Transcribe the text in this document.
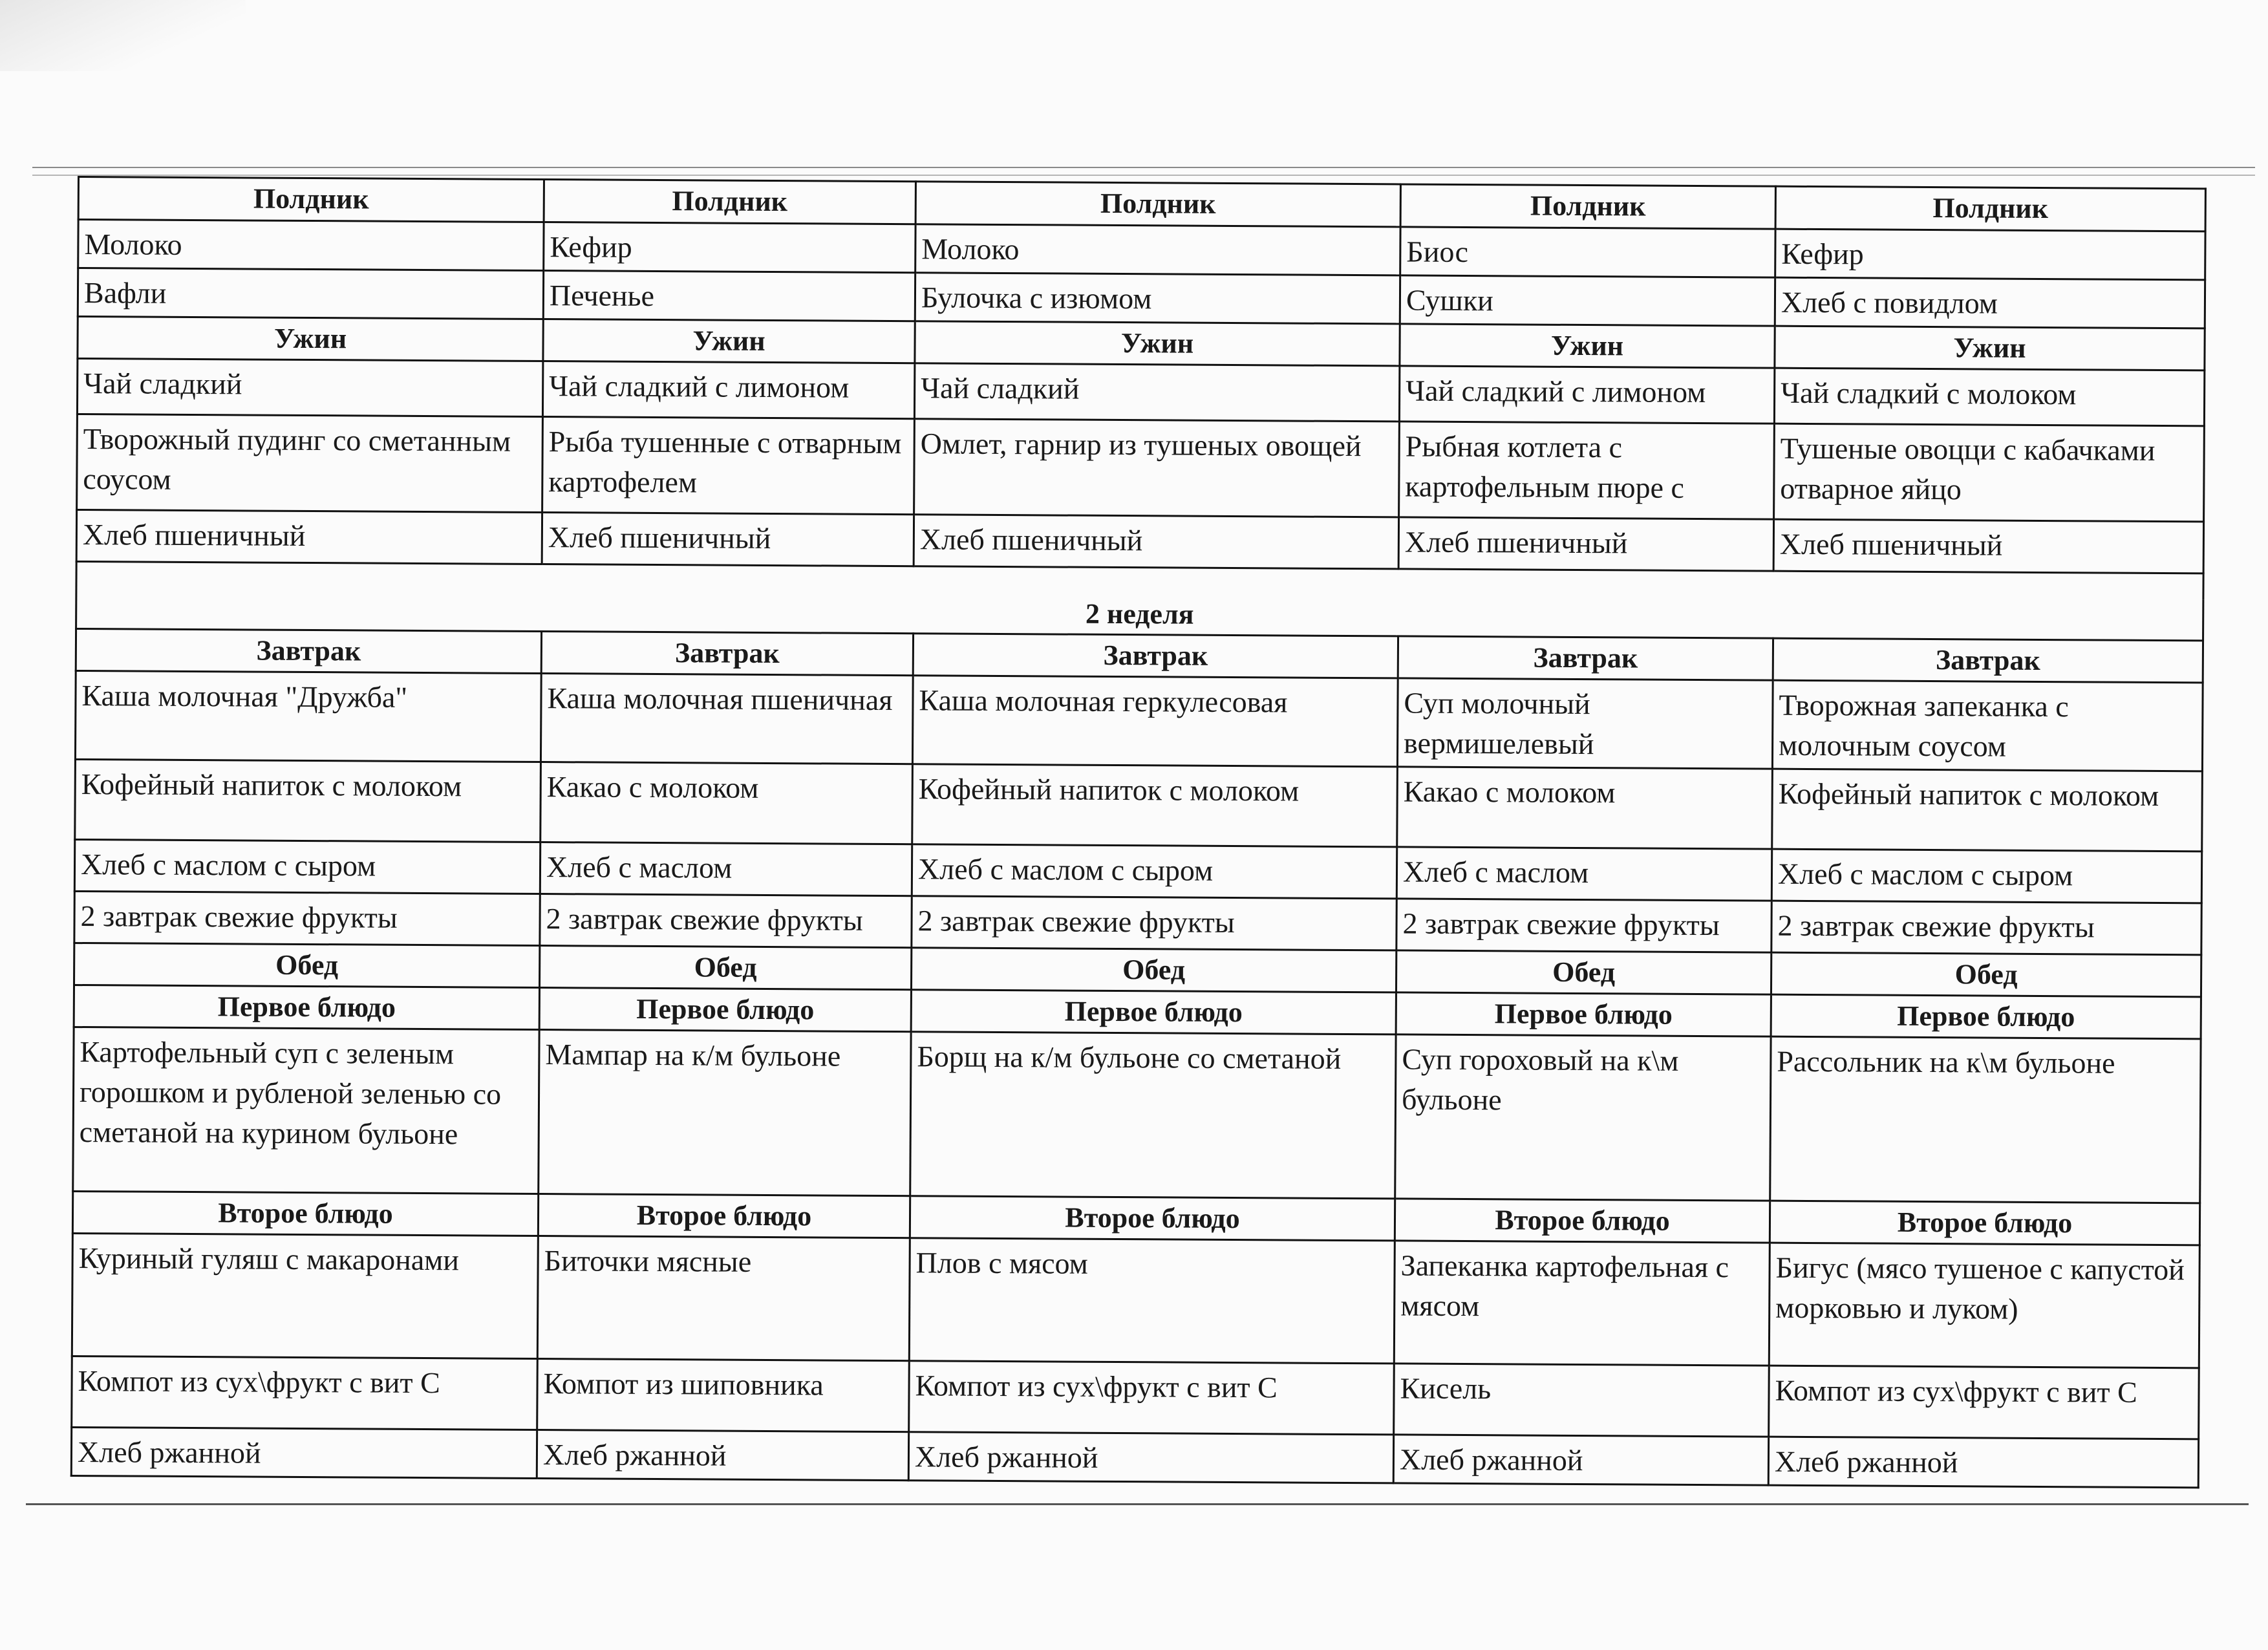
Полдник	Полдник	Полдник	Полдник	Полдник
Молоко	Кефир	Молоко	Биос	Кефир
Вафли	Печенье	Булочка с изюмом	Сушки	Хлеб с повидлом
Ужин	Ужин	Ужин	Ужин	Ужин
Чай сладкий	Чай сладкий с лимоном	Чай сладкий	Чай сладкий с лимоном	Чай сладкий с молоком
Творожный пудинг со сметанным соусом	Рыба тушенные с отварным картофелем	Омлет, гарнир из тушеных овощей	Рыбная котлета с картофельным пюре с	Тушеные овоцци с кабачками отварное яйцо
Хлеб пшеничный	Хлеб пшеничный	Хлеб пшеничный	Хлеб пшеничный	Хлеб пшеничный

2 неделя				
Завтрак	Завтрак	Завтрак	Завтрак	Завтрак
Каша молочная "Дружба"	Каша молочная пшеничная	Каша молочная геркулесовая	Суп молочный вермишелевый	Творожная запеканка с молочным соусом
Кофейный напиток с молоком	Какао с молоком	Кофейный напиток с молоком	Какао с молоком	Кофейный напиток с молоком
Хлеб с маслом с сыром	Хлеб с маслом	Хлеб с маслом с сыром	Хлеб с маслом	Хлеб с маслом с сыром
2 завтрак свежие фрукты	2 завтрак свежие фрукты	2 завтрак свежие фрукты	2 завтрак свежие фрукты	2 завтрак свежие фрукты
Обед	Обед	Обед	Обед	Обед
Первое блюдо	Первое блюдо	Первое блюдо	Первое блюдо	Первое блюдо
Картофельный суп с зеленым горошком и рубленой зеленью со сметаной на курином бульоне	Мампар на к/м бульоне	Борщ на к/м бульоне со сметаной	Суп гороховый на к\м бульоне	Рассольник на к\м бульоне
Второе блюдо	Второе блюдо	Второе блюдо	Второе блюдо	Второе блюдо
Куриный гуляш с макаронами	Биточки мясные	Плов с мясом	Запеканка картофельная с мясом	Бигус (мясо тушеное с капустой морковью и луком)
Компот из сух\фрукт с вит С	Компот из шиповника	Компот из сух\фрукт с вит С	Кисель	Компот из сух\фрукт с вит С
Хлеб ржанной	Хлеб ржанной	Хлеб ржанной	Хлеб ржанной	Хлеб ржанной
